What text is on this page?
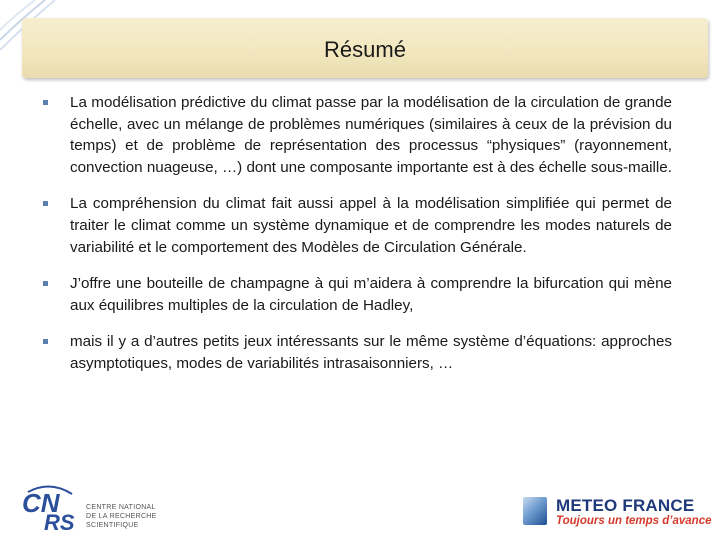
Résumé
La modélisation prédictive du climat passe par la modélisation de la circulation de grande échelle, avec un mélange de problèmes numériques (similaires à ceux de la prévision du temps) et de problème de représentation des processus “physiques” (rayonnement, convection nuageuse, …) dont une composante importante est à des échelle sous-maille.
La compréhension du climat fait aussi appel à la modélisation simplifiée qui permet de traiter le climat comme un système dynamique et de comprendre les modes naturels de variabilité et le comportement des Modèles de Circulation Générale.
J’offre une bouteille de champagne à qui m’aidera à comprendre la bifurcation qui mène aux équilibres multiples de la circulation de Hadley,
mais il y a d’autres petits jeux intéressants sur le même système d’équations: approches asymptotiques, modes de variabilités intrasaisonniers, …
CN
RS
CENTRE NATIONAL
DE LA RECHERCHE
SCIENTIFIQUE
METEO FRANCE
Toujours un temps d’avance
